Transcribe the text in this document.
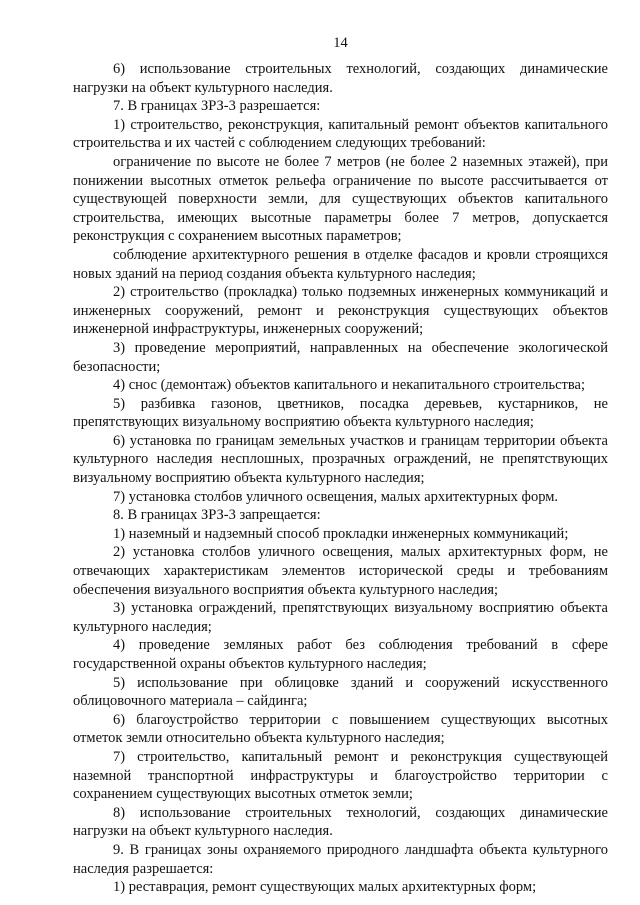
14

6) использование строительных технологий, создающих динамические нагрузки на объект культурного наследия.

7. В границах ЗРЗ-3 разрешается:

1) строительство, реконструкция, капитальный ремонт объектов капитального строительства и их частей с соблюдением следующих требований:

ограничение по высоте не более 7 метров (не более 2 наземных этажей), при понижении высотных отметок рельефа ограничение по высоте рассчитывается от существующей поверхности земли, для существующих объектов капитального строительства, имеющих высотные параметры более 7 метров, допускается реконструкция с сохранением высотных параметров;

соблюдение архитектурного решения в отделке фасадов и кровли строящихся новых зданий на период создания объекта культурного наследия;

2) строительство (прокладка) только подземных инженерных коммуникаций и инженерных сооружений, ремонт и реконструкция существующих объектов инженерной инфраструктуры, инженерных сооружений;

3) проведение мероприятий, направленных на обеспечение экологической безопасности;

4) снос (демонтаж) объектов капитального и некапитального строительства;

5) разбивка газонов, цветников, посадка деревьев, кустарников, не препятствующих визуальному восприятию объекта культурного наследия;

6) установка по границам земельных участков и границам территории объекта культурного наследия несплошных, прозрачных ограждений, не препятствующих визуальному восприятию объекта культурного наследия;

7) установка столбов уличного освещения, малых архитектурных форм.

8. В границах ЗРЗ-3 запрещается:

1) наземный и надземный способ прокладки инженерных коммуникаций;

2) установка столбов уличного освещения, малых архитектурных форм, не отвечающих характеристикам элементов исторической среды и требованиям обеспечения визуального восприятия объекта культурного наследия;

3) установка ограждений, препятствующих визуальному восприятию объекта культурного наследия;

4) проведение земляных работ без соблюдения требований в сфере государственной охраны объектов культурного наследия;

5) использование при облицовке зданий и сооружений искусственного облицовочного материала – сайдинга;

6) благоустройство территории с повышением существующих высотных отметок земли относительно объекта культурного наследия;

7) строительство, капитальный ремонт и реконструкция существующей наземной транспортной инфраструктуры и благоустройство территории с сохранением существующих высотных отметок земли;

8) использование строительных технологий, создающих динамические нагрузки на объект культурного наследия.

9. В границах зоны охраняемого природного ландшафта объекта культурного наследия разрешается:

1) реставрация, ремонт существующих малых архитектурных форм;
